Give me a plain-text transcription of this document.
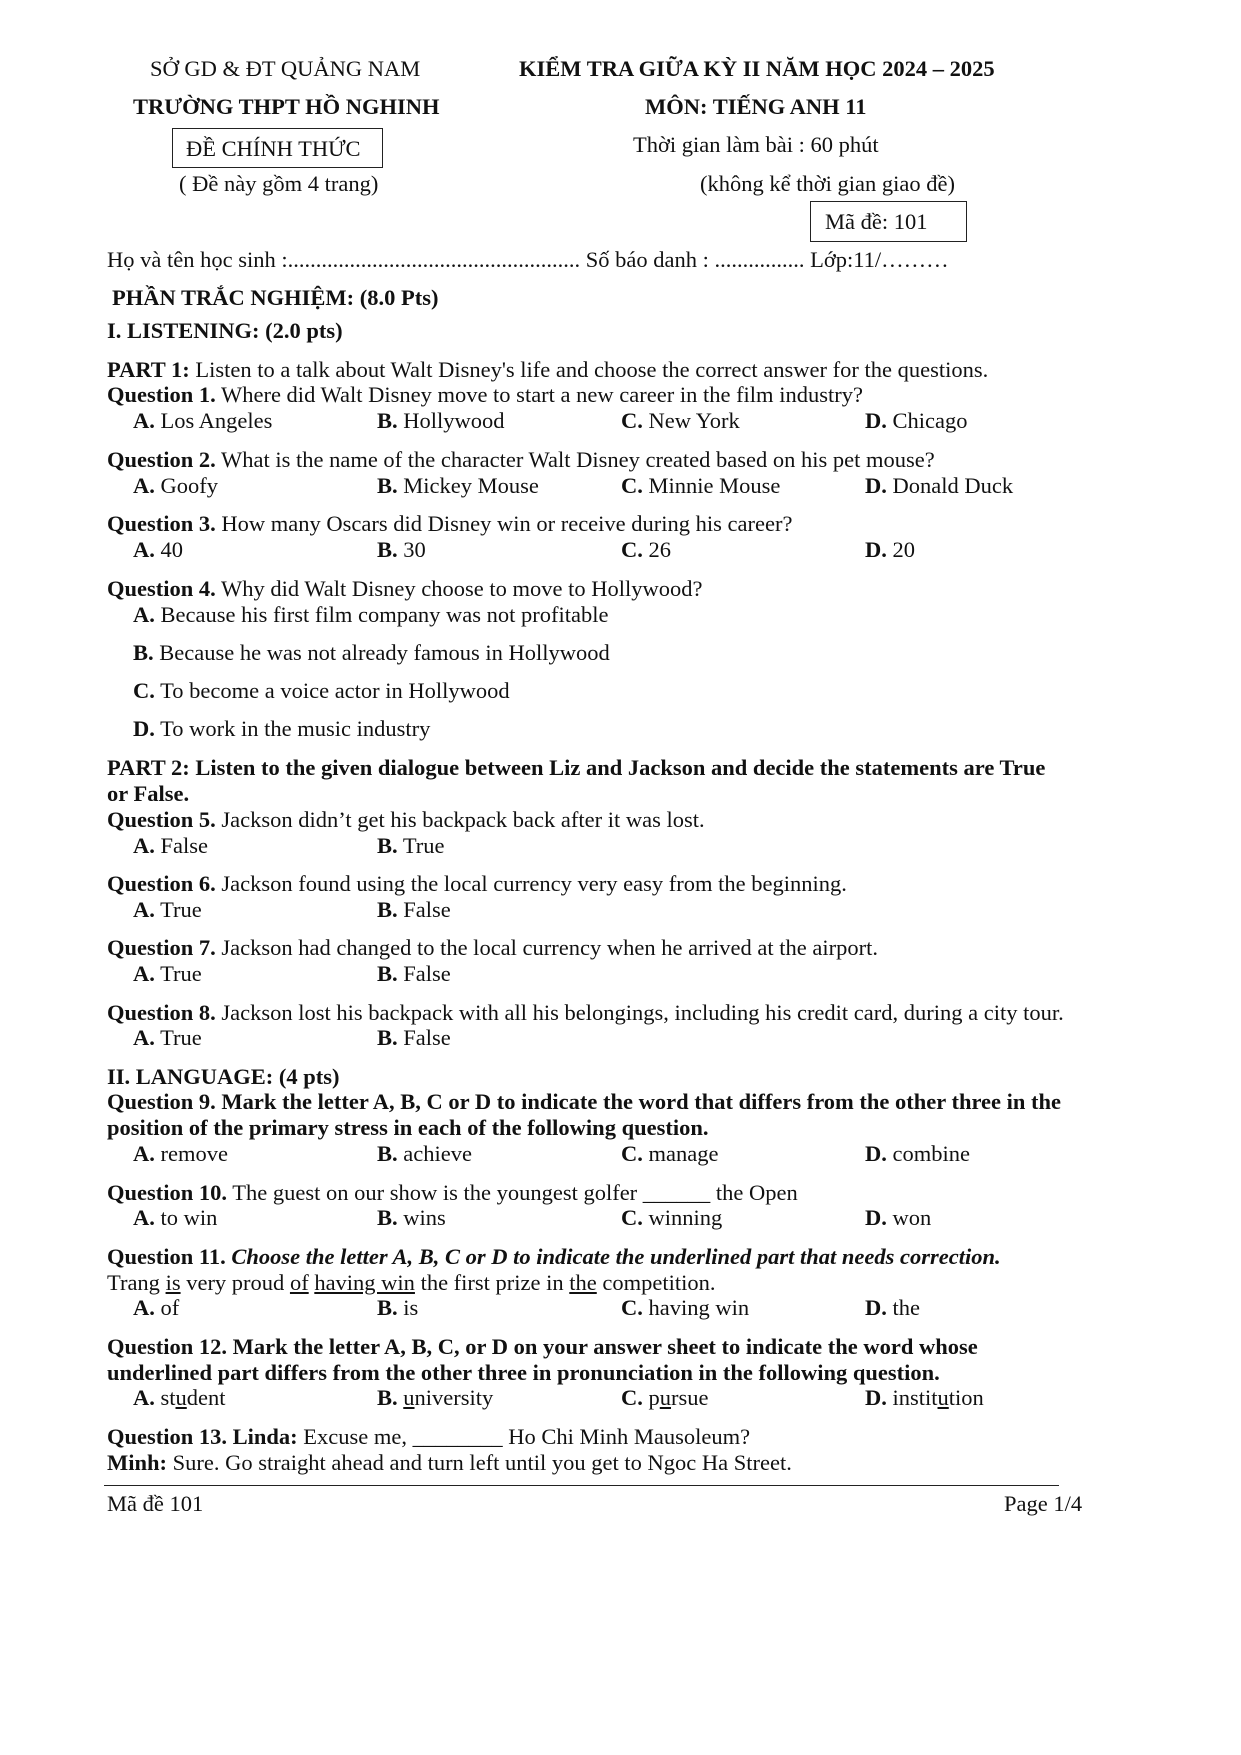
SỞ GD & ĐT QUẢNG NAM
TRƯỜNG THPT HỒ NGHINH
ĐỀ CHÍNH THỨC
( Đề này gồm 4 trang)
KIỂM TRA GIỮA KỲ II NĂM HỌC 2024 – 2025
MÔN: TIẾNG ANH 11
Thời gian làm bài : 60 phút
(không kể thời gian giao đề)
Mã đề: 101
Họ và tên học sinh :.................................................... Số báo danh : ................ Lớp:11/………
PHẦN TRẮC NGHIỆM: (8.0 Pts)
I. LISTENING: (2.0 pts)
PART 1: Listen to a talk about Walt Disney's life and choose the correct answer for the questions.
Question 1. Where did Walt Disney move to start a new career in the film industry?
A. Los Angeles	B. Hollywood	C. New York	D. Chicago
Question 2. What is the name of the character Walt Disney created based on his pet mouse?
A. Goofy	B. Mickey Mouse	C. Minnie Mouse	D. Donald Duck
Question 3. How many Oscars did Disney win or receive during his career?
A. 40	B. 30	C. 26	D. 20
Question 4. Why did Walt Disney choose to move to Hollywood?
A. Because his first film company was not profitable
B. Because he was not already famous in Hollywood
C. To become a voice actor in Hollywood
D. To work in the music industry
PART 2: Listen to the given dialogue between Liz and Jackson and decide the statements are True
or False.
Question 5. Jackson didn’t get his backpack back after it was lost.
A. False	B. True
Question 6. Jackson found using the local currency very easy from the beginning.
A. True	B. False
Question 7. Jackson had changed to the local currency when he arrived at the airport.
A. True	B. False
Question 8. Jackson lost his backpack with all his belongings, including his credit card, during a city tour.
A. True	B. False
II. LANGUAGE: (4 pts)
Question 9. Mark the letter A, B, C or D to indicate the word that differs from the other three in the
position of the primary stress in each of the following question.
A. remove	B. achieve	C. manage	D. combine
Question 10. The guest on our show is the youngest golfer ______ the Open
A. to win	B. wins	C. winning	D. won
Question 11. Choose the letter A, B, C or D to indicate the underlined part that needs correction.
Trang is very proud of having win the first prize in the competition.
A. of	B. is	C. having win	D. the
Question 12. Mark the letter A, B, C, or D on your answer sheet to indicate the word whose
underlined part differs from the other three in pronunciation in the following question.
A. student	B. university	C. pursue	D. institution
Question 13. Linda: Excuse me, ________ Ho Chi Minh Mausoleum?
Minh: Sure. Go straight ahead and turn left until you get to Ngoc Ha Street.
Mã đề 101	Page 1/4
